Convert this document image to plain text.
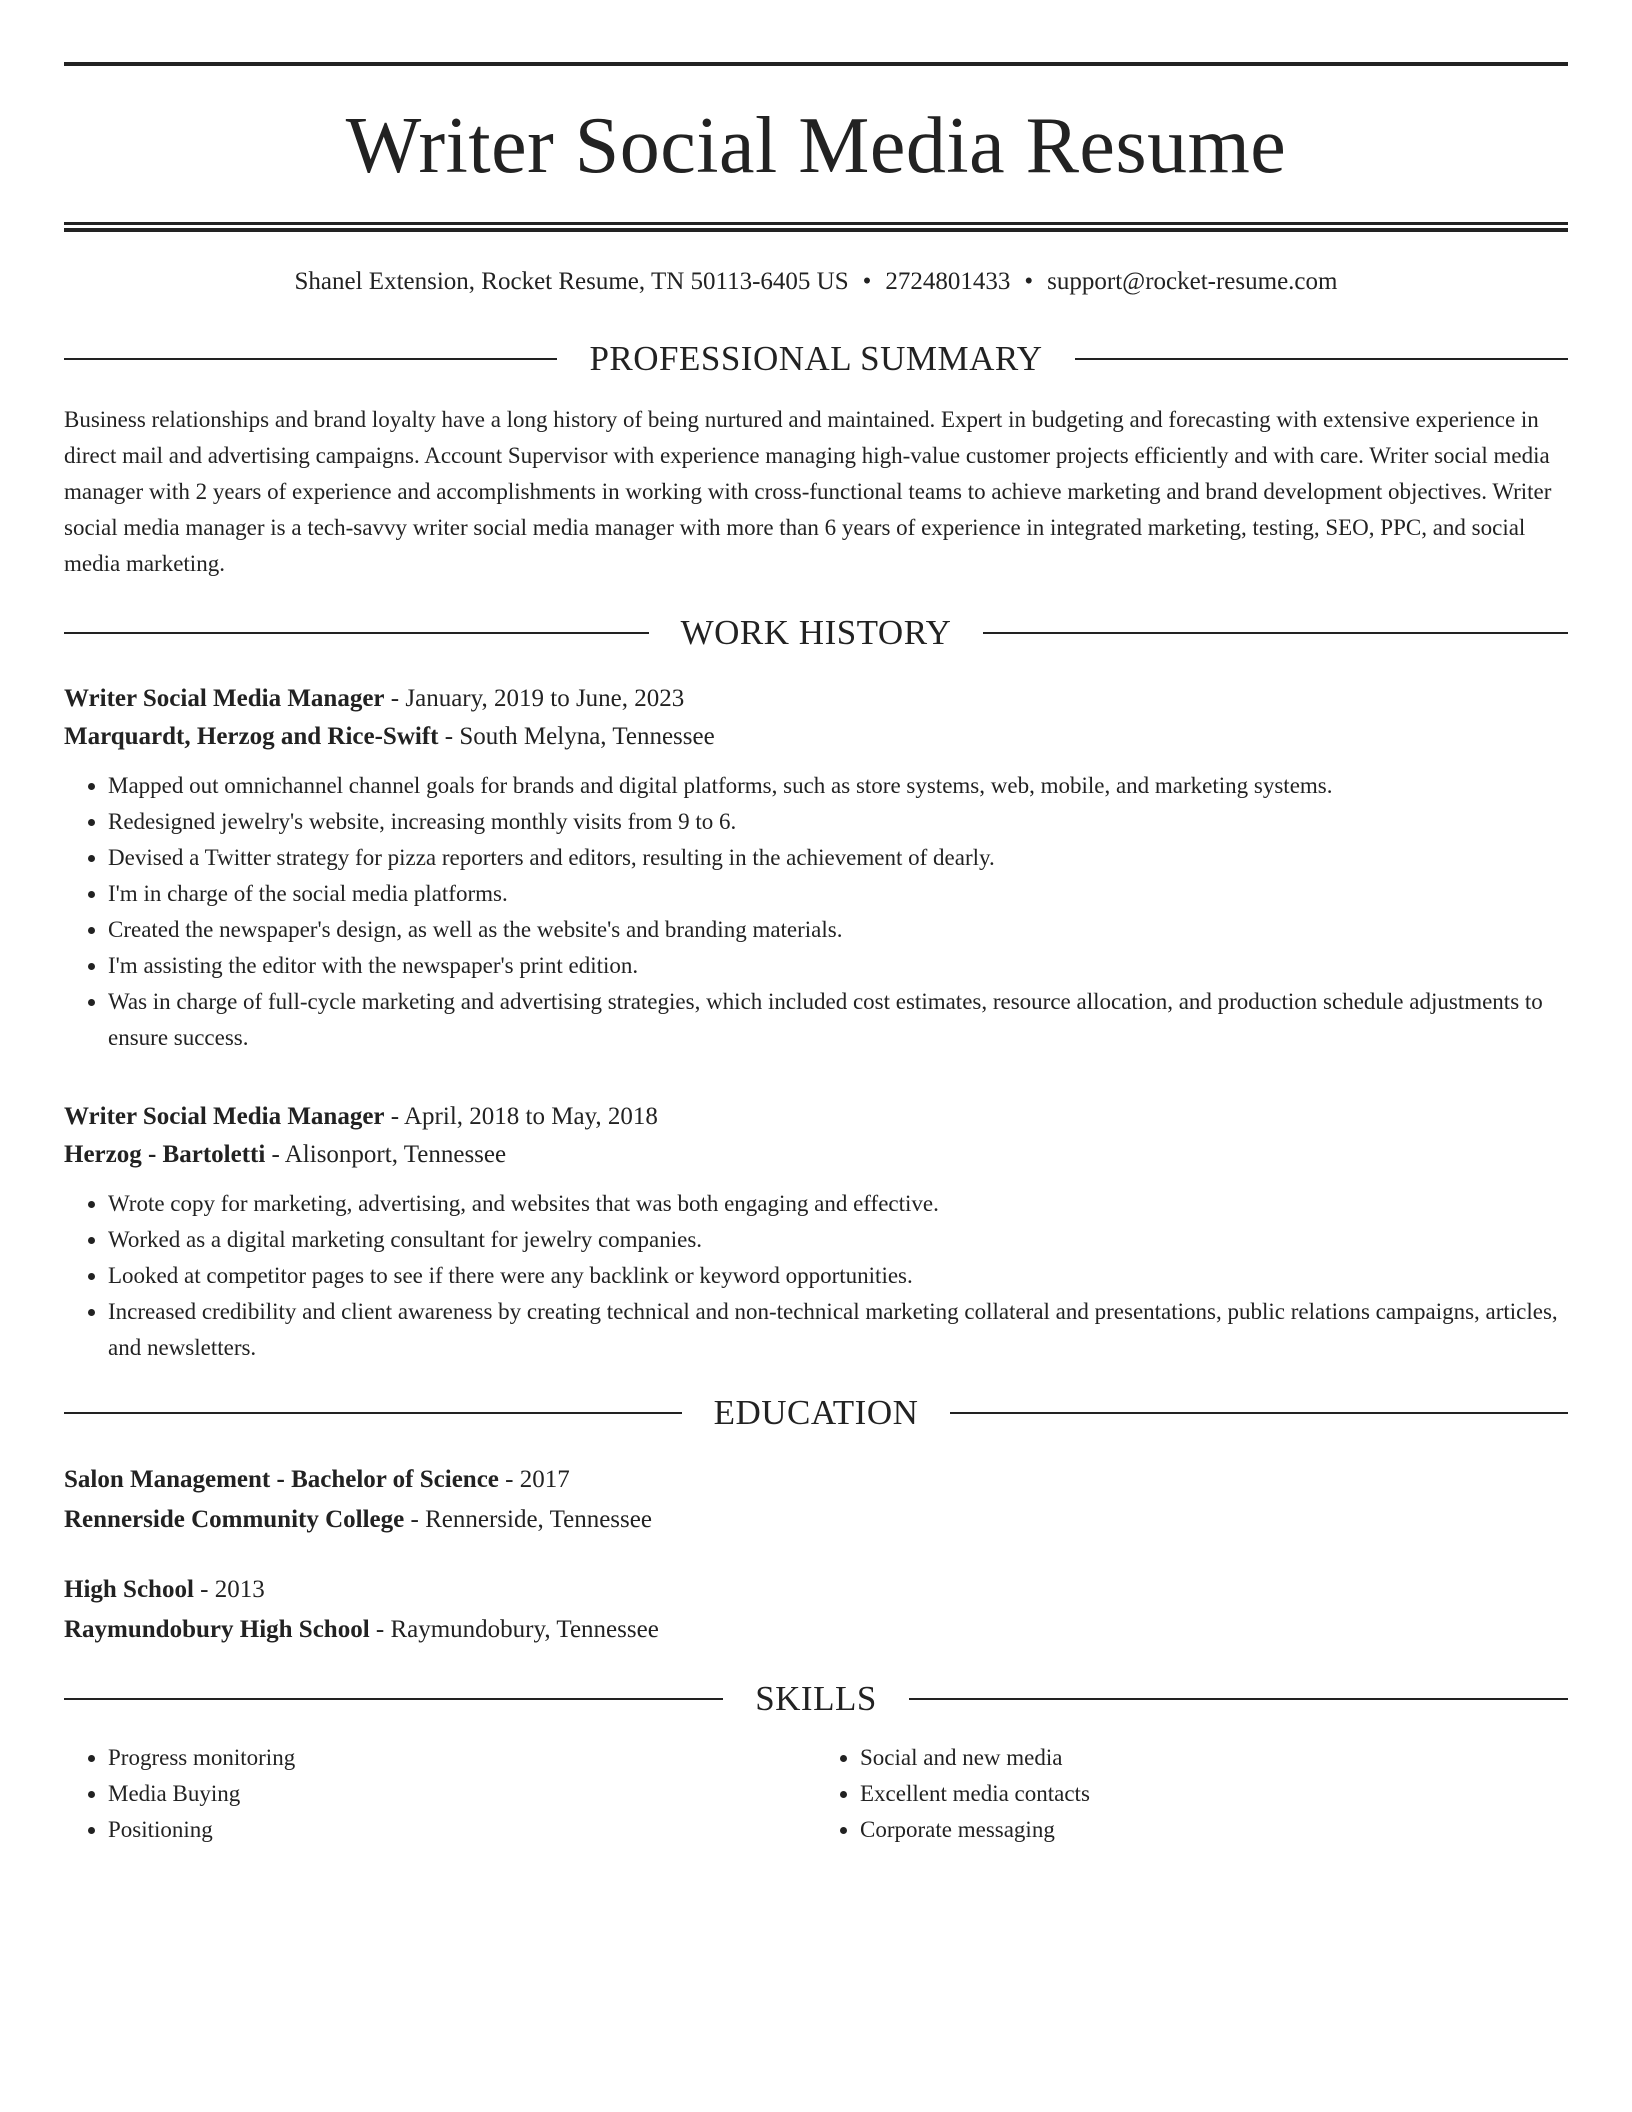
Writer Social Media Resume
Shanel Extension, Rocket Resume, TN 50113-6405 US • 2724801433 • support@rocket-resume.com
PROFESSIONAL SUMMARY
Business relationships and brand loyalty have a long history of being nurtured and maintained. Expert in budgeting and forecasting with extensive experience in direct mail and advertising campaigns. Account Supervisor with experience managing high-value customer projects efficiently and with care. Writer social media manager with 2 years of experience and accomplishments in working with cross-functional teams to achieve marketing and brand development objectives. Writer social media manager is a tech-savvy writer social media manager with more than 6 years of experience in integrated marketing, testing, SEO, PPC, and social media marketing.
WORK HISTORY
Writer Social Media Manager - January, 2019 to June, 2023
Marquardt, Herzog and Rice-Swift - South Melyna, Tennessee
• Mapped out omnichannel channel goals for brands and digital platforms, such as store systems, web, mobile, and marketing systems.
• Redesigned jewelry's website, increasing monthly visits from 9 to 6.
• Devised a Twitter strategy for pizza reporters and editors, resulting in the achievement of dearly.
• I'm in charge of the social media platforms.
• Created the newspaper's design, as well as the website's and branding materials.
• I'm assisting the editor with the newspaper's print edition.
• Was in charge of full-cycle marketing and advertising strategies, which included cost estimates, resource allocation, and production schedule adjustments to ensure success.
Writer Social Media Manager - April, 2018 to May, 2018
Herzog - Bartoletti - Alisonport, Tennessee
• Wrote copy for marketing, advertising, and websites that was both engaging and effective.
• Worked as a digital marketing consultant for jewelry companies.
• Looked at competitor pages to see if there were any backlink or keyword opportunities.
• Increased credibility and client awareness by creating technical and non-technical marketing collateral and presentations, public relations campaigns, articles, and newsletters.
EDUCATION
Salon Management - Bachelor of Science - 2017
Rennerside Community College - Rennerside, Tennessee
High School - 2013
Raymundobury High School - Raymundobury, Tennessee
SKILLS
• Progress monitoring
• Media Buying
• Positioning
• Social and new media
• Excellent media contacts
• Corporate messaging
